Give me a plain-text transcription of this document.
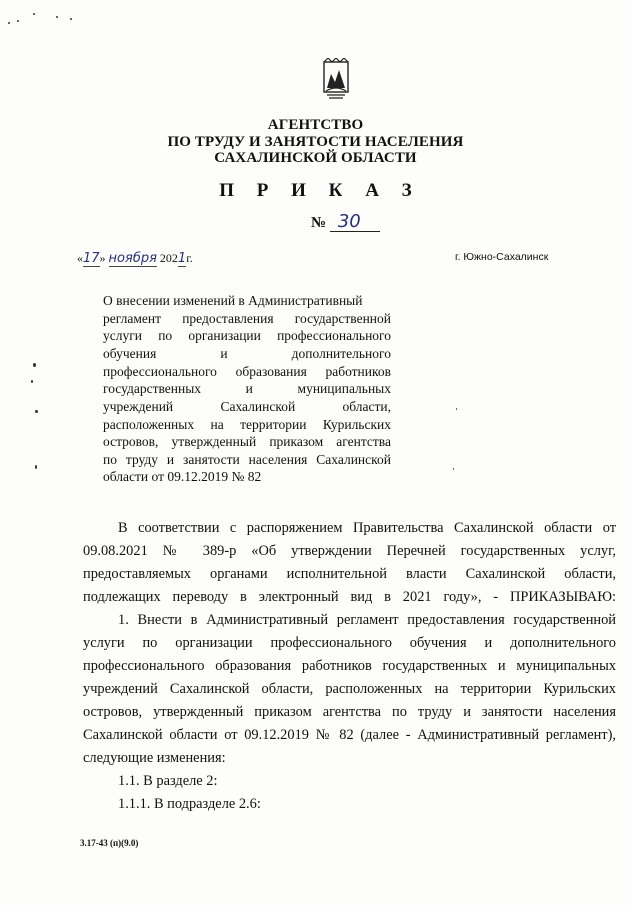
АГЕНТСТВО
ПО ТРУДУ И ЗАНЯТОСТИ НАСЕЛЕНИЯ
САХАЛИНСКОЙ ОБЛАСТИ
П Р И К А З
№ 30
«17» ноября 2021г.	г. Южно-Сахалинск
О внесении изменений в Административный
регламент предоставления государственной
услуги по организации профессионального
обучения и дополнительного
профессионального образования работников
государственных и муниципальных
учреждений Сахалинской области,
расположенных на территории Курильских
островов, утвержденный приказом агентства
по труду и занятости населения Сахалинской
области от 09.12.2019 № 82
В соответствии с распоряжением Правительства Сахалинской области от
09.08.2021 № 389-р «Об утверждении Перечней государственных услуг,
предоставляемых органами исполнительной власти Сахалинской области,
подлежащих переводу в электронный вид в 2021 году», - ПРИКАЗЫВАЮ:
1. Внести в Административный регламент предоставления государственной
услуги по организации профессионального обучения и дополнительного
профессионального образования работников государственных и муниципальных
учреждений Сахалинской области, расположенных на территории Курильских
островов, утвержденный приказом агентства по труду и занятости населения
Сахалинской области от 09.12.2019 № 82 (далее - Административный регламент),
следующие изменения:
1.1. В разделе 2:
1.1.1. В подразделе 2.6:
3.17-43 (п)(9.0)
